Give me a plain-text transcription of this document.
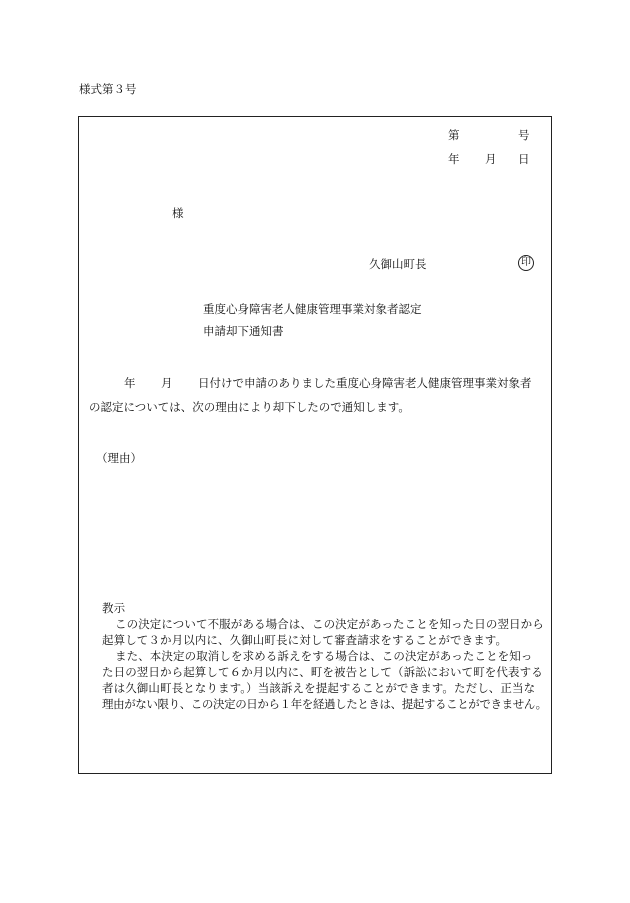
様式第３号
第	号
年 月 日
様
久御山町長	印
重度心身障害老人健康管理事業対象者認定
申請却下通知書
年 月 日付けで申請のありました重度心身障害老人健康管理事業対象者
の認定については、次の理由により却下したので通知します。
（理由）
教示
この決定について不服がある場合は、この決定があったことを知った日の翌日から
起算して３か月以内に、久御山町長に対して審査請求をすることができます。
また、本決定の取消しを求める訴えをする場合は、この決定があったことを知っ
た日の翌日から起算して６か月以内に、町を被告として（訴訟において町を代表する
者は久御山町長となります。）当該訴えを提起することができます。ただし、正当な
理由がない限り、この決定の日から１年を経過したときは、提起することができません。
